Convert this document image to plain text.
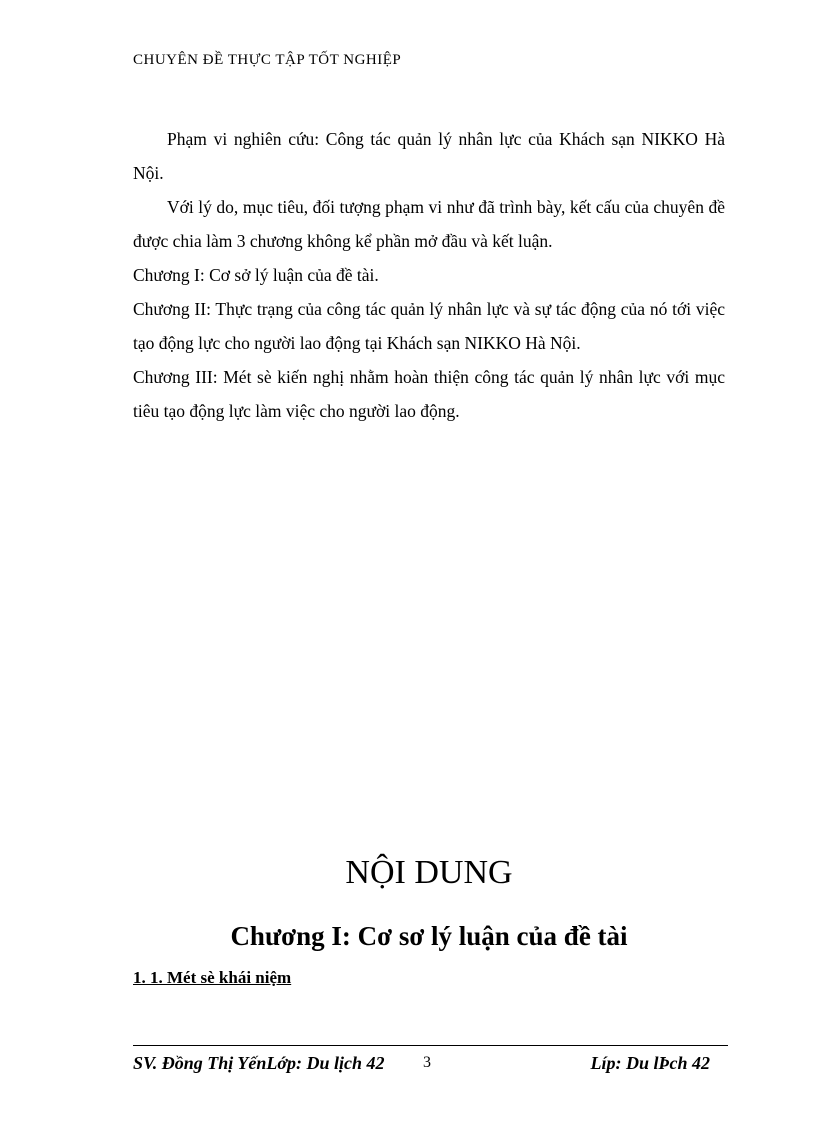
CHUYÊN ĐỀ THỰC TẬP TỐT NGHIỆP

Phạm vi nghiên cứu: Công tác quản lý nhân lực của Khách sạn NIKKO Hà Nội.

Với lý do, mục tiêu, đối tượng phạm vi như đã trình bày, kết cấu của chuyên đề được chia làm 3 chương không kể phần mở đầu và kết luận.

Chương I: Cơ sở lý luận của đề tài.

Chương II: Thực trạng của công tác quản lý nhân lực và sự tác động của nó tới việc tạo động lực cho người lao động tại Khách sạn NIKKO Hà Nội.

Chương III: Mét sè kiến nghị nhằm hoàn thiện công tác quản lý nhân lực với mục tiêu tạo động lực làm việc cho người lao động.

NỘI DUNG
Chương I: Cơ sơ lý luận của đề tài
1. 1. Mét sè khái niệm
SV. Đồng Thị YếnLớp: Du lịch 42 3	Líp: Du lÞch 42
